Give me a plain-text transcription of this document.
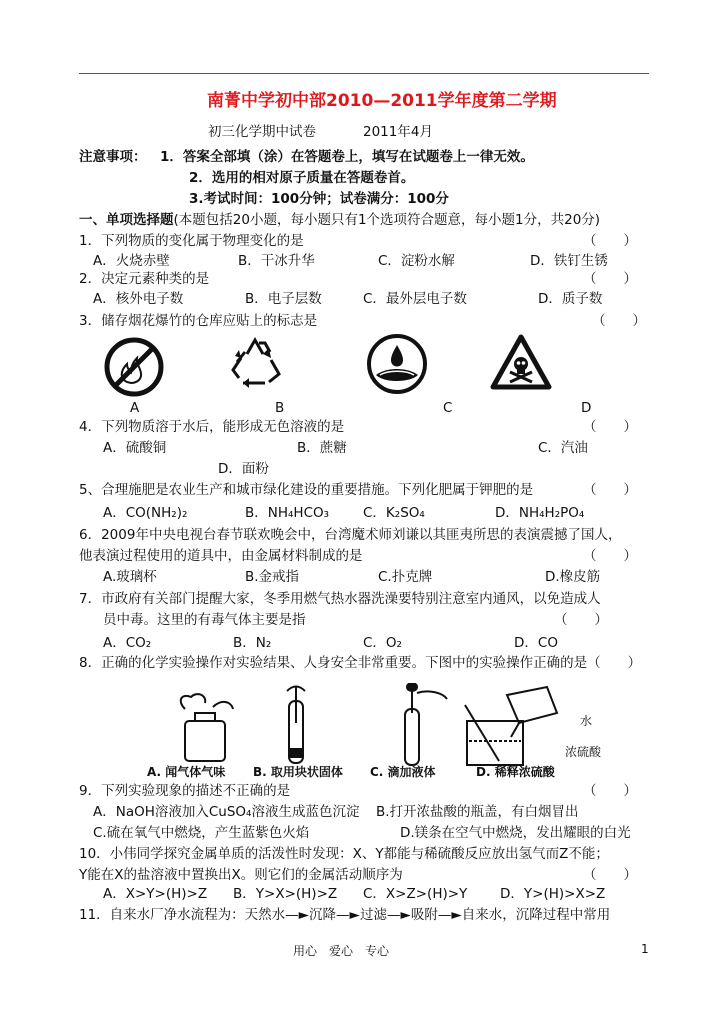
南菁中学初中部2010—2011学年度第二学期
初三化学期中试卷	2011年4月
注意事项： 1．答案全部填（涂）在答题卷上，填写在试题卷上一律无效。
2．选用的相对原子质量在答题卷首。
3.考试时间：100分钟；试卷满分：100分
一、单项选择题(本题包括20小题，每小题只有1个选项符合题意，每小题1分，共20分)
1．下列物质的变化属于物理变化的是	（　　）
A．火烧赤壁	B．干冰升华	C．淀粉水解	D．铁钉生锈
2．决定元素种类的是	（　　）
A．核外电子数	B．电子层数	C．最外层电子数	D．质子数
3．储存烟花爆竹的仓库应贴上的标志是	（　　）
A	B	C	D
4．下列物质溶于水后，能形成无色溶液的是	（　　）
A．硫酸铜	B．蔗糖	C．汽油
D．面粉
5、合理施肥是农业生产和城市绿化建设的重要措施。下列化肥属于钾肥的是	（　　）
A．CO(NH₂)₂	B．NH₄HCO₃	C．K₂SO₄	D．NH₄H₂PO₄
6．2009年中央电视台春节联欢晚会中，台湾魔术师刘谦以其匪夷所思的表演震撼了国人，
他表演过程使用的道具中，由金属材料制成的是	（　　）
A.玻璃杯	B.金戒指	C.扑克牌	D.橡皮筋
7．市政府有关部门提醒大家，冬季用燃气热水器洗澡要特别注意室内通风，以免造成人
员中毒。这里的有毒气体主要是指	（　　）
A．CO₂	B．N₂	C．O₂	D．CO
8．正确的化学实验操作对实验结果、人身安全非常重要。下图中的实验操作正确的是（　　）
水
浓硫酸
A. 闻气体气味 B. 取用块状固体 C. 滴加液体	D. 稀释浓硫酸
9．下列实验现象的描述不正确的是	（　　）
A．NaOH溶液加入CuSO₄溶液生成蓝色沉淀 B.打开浓盐酸的瓶盖，有白烟冒出
C.硫在氧气中燃烧，产生蓝紫色火焰	D.镁条在空气中燃烧，发出耀眼的白光
10．小伟同学探究金属单质的活泼性时发现：X、Y都能与稀硫酸反应放出氢气而Z不能；
Y能在X的盐溶液中置换出X。则它们的金属活动顺序为	（　　）
A．X>Y>(H)>Z B．Y>X>(H)>Z C．X>Z>(H)>Y D．Y>(H)>X>Z
11．自来水厂净水流程为：天然水—►沉降—►过滤—►吸附—►自来水，沉降过程中常用
用心　爱心　专心	1
